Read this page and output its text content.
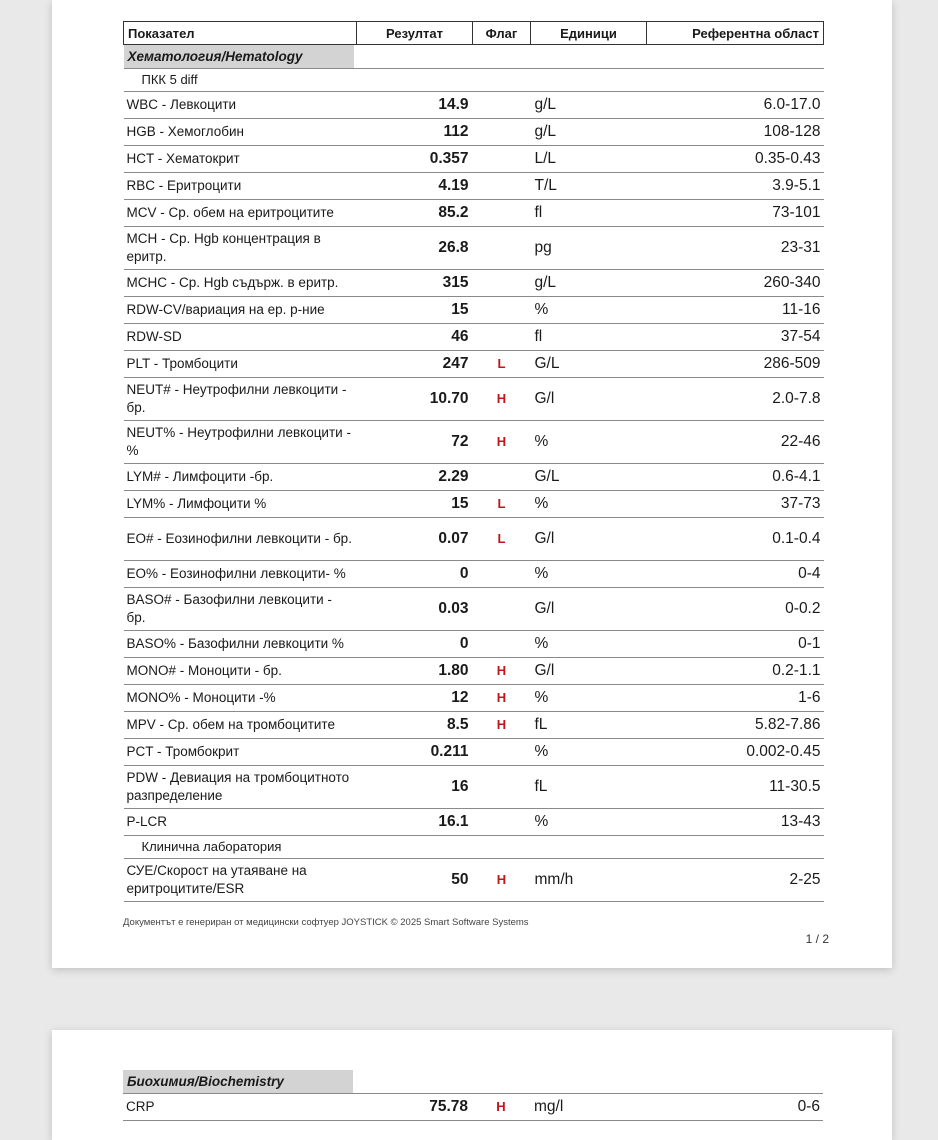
Показател	Резултат	Флаг	Единици	Референтна област

Хематология/Hematology				

ПКК 5 diff				
WBC - Левкоцити	14.9		g/L	6.0-17.0
HGB - Хемоглобин	112		g/L	108-128
HCT - Хематокрит	0.357		L/L	0.35-0.43
RBC - Еритроцити	4.19		T/L	3.9-5.1
MCV - Ср. обем на еритроцитите	85.2		fl	73-101
MCH - Ср. Hgb концентрация в еритр.	26.8		pg	23-31
MCHC - Ср. Hgb съдърж. в еритр.	315		g/L	260-340
RDW-CV/вариация на ер. р-ние	15		%	11-16
RDW-SD	46		fl	37-54
PLT - Тромбоцити	247	L	G/L	286-509
NEUT# - Неутрофилни левкоцити - бр.	10.70	H	G/l	2.0-7.8
NEUT% - Неутрофилни левкоцити - %	72	H	%	22-46
LYM# - Лимфоцити -бр.	2.29		G/L	0.6-4.1
LYM% - Лимфоцити %	15	L	%	37-73
EO# - Еозинофилни левкоцити - бр.	0.07	L	G/l	0.1-0.4
EO% - Еозинофилни левкоцити- %	0		%	0-4
BASO# - Базофилни левкоцити - бр.	0.03		G/l	0-0.2
BASO% - Базофилни левкоцити %	0		%	0-1
MONO# - Моноцити - бр.	1.80	H	G/l	0.2-1.1
MONO% - Моноцити -%	12	H	%	1-6
MPV - Ср. обем на тромбоцитите	8.5	H	fL	5.82-7.86
PCT - Тромбокрит	0.211		%	0.002-0.45
PDW - Девиация на тромбоцитното разпределение	16		fL	11-30.5
P-LCR	16.1		%	13-43
Клинична лаборатория				
СУЕ/Скорост на утаяване на еритроцитите/ESR	50	H	mm/h	2-25
Документът е генериран от медицински софтуер JOYSTICK © 2025 Smart Software Systems
1 / 2
Биохимия/Biochemistry

CRP	75.78	H	mg/l	0-6
